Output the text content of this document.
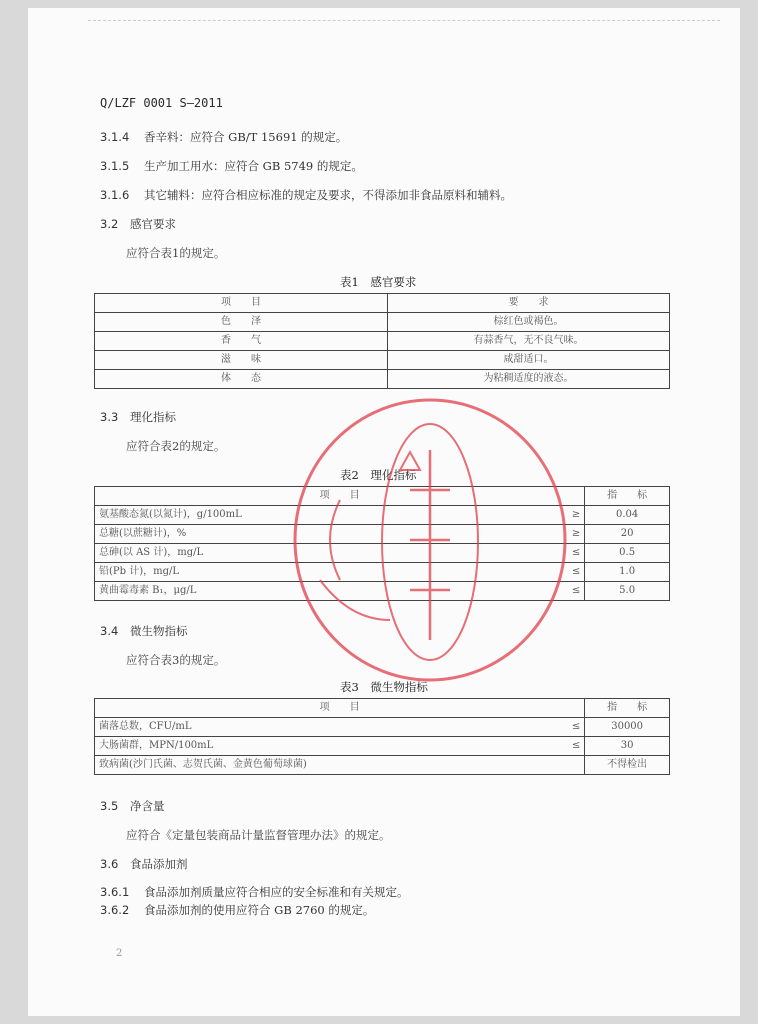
Q/LZF 0001 S—2011
3.1.4 香辛料：应符合 GB/T 15691 的规定。
3.1.5 生产加工用水：应符合 GB 5749 的规定。
3.1.6 其它辅料：应符合相应标准的规定及要求，不得添加非食品原料和辅料。
3.2 感官要求
应符合表1的规定。
表1　感官要求
项　　目	要　　求
色　　泽	棕红色或褐色。
香　　气	有蒜香气，无不良气味。
滋　　味	咸甜适口。
体　　态	为粘稠适度的液态。
3.3 理化指标
应符合表2的规定。
表2　理化指标
项　　目		指　　标
氨基酸态氮(以氮计)，g/100mL	≥	0.04
总糖(以蔗糖计)，%	≥	20
总砷(以 AS 计)，mg/L	≤	0.5
铅(Pb 计)，mg/L	≤	1.0
黄曲霉毒素 B₁，μg/L	≤	5.0
3.4 微生物指标
应符合表3的规定。
表3　微生物指标
项　　目		指　　标
菌落总数，CFU/mL	≤	30000
大肠菌群，MPN/100mL	≤	30
致病菌(沙门氏菌、志贺氏菌、金黄色葡萄球菌)		不得检出
3.5 净含量
应符合《定量包装商品计量监督管理办法》的规定。
3.6 食品添加剂
3.6.1 食品添加剂质量应符合相应的安全标准和有关规定。
3.6.2 食品添加剂的使用应符合 GB 2760 的规定。
2
